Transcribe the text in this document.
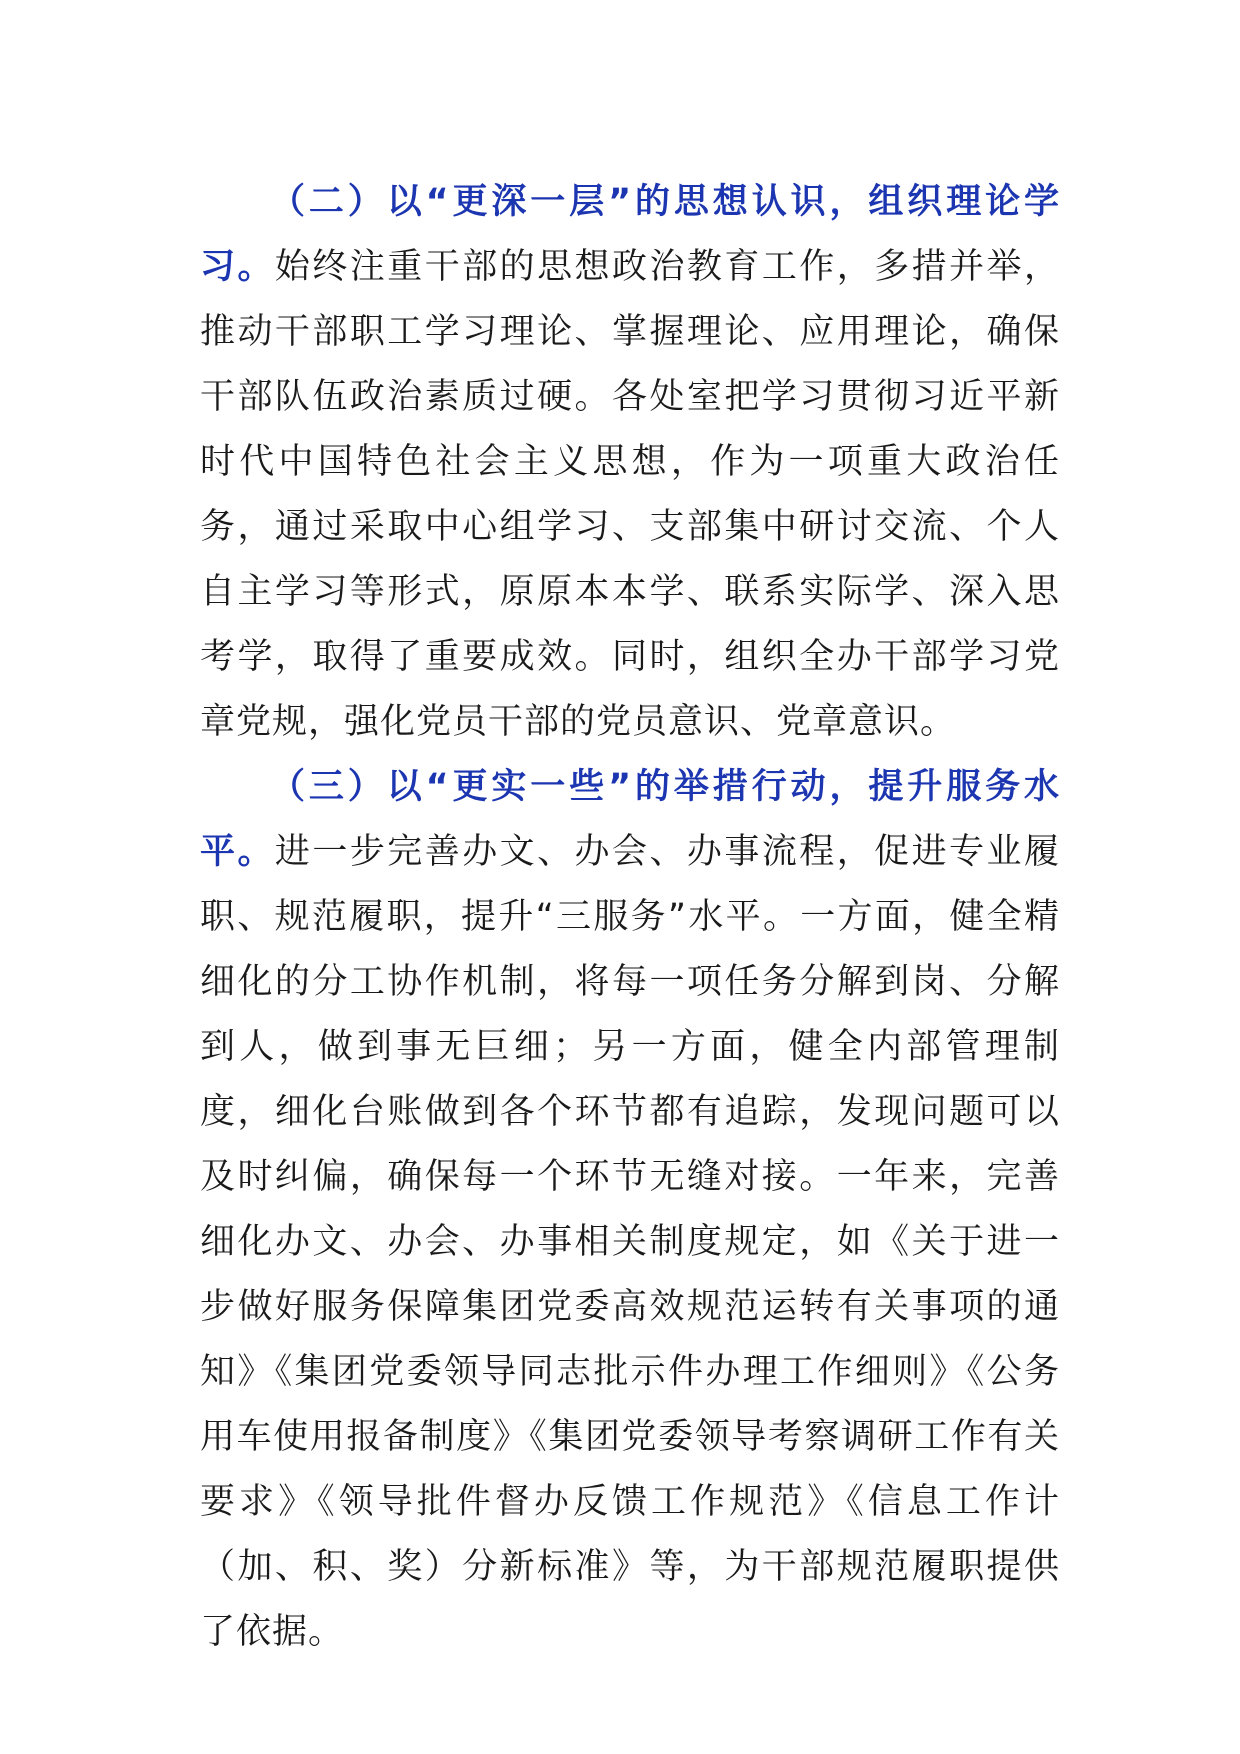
（二）以“更深一层”的思想认识，组织理论学习。始终注重干部的思想政治教育工作，多措并举，推动干部职工学习理论、掌握理论、应用理论，确保干部队伍政治素质过硬。各处室把学习贯彻习近平新时代中国特色社会主义思想，作为一项重大政治任务，通过采取中心组学习、支部集中研讨交流、个人自主学习等形式，原原本本学、联系实际学、深入思考学，取得了重要成效。同时，组织全办干部学习党章党规，强化党员干部的党员意识、党章意识。

（三）以“更实一些”的举措行动，提升服务水平。进一步完善办文、办会、办事流程，促进专业履职、规范履职，提升“三服务”水平。一方面，健全精细化的分工协作机制，将每一项任务分解到岗、分解到人，做到事无巨细；另一方面，健全内部管理制度，细化台账做到各个环节都有追踪，发现问题可以及时纠偏，确保每一个环节无缝对接。一年来，完善细化办文、办会、办事相关制度规定，如《关于进一步做好服务保障集团党委高效规范运转有关事项的通知》《集团党委领导同志批示件办理工作细则》《公务用车使用报备制度》《集团党委领导考察调研工作有关要求》《领导批件督办反馈工作规范》《信息工作计（加、积、奖）分新标准》等，为干部规范履职提供了依据。
